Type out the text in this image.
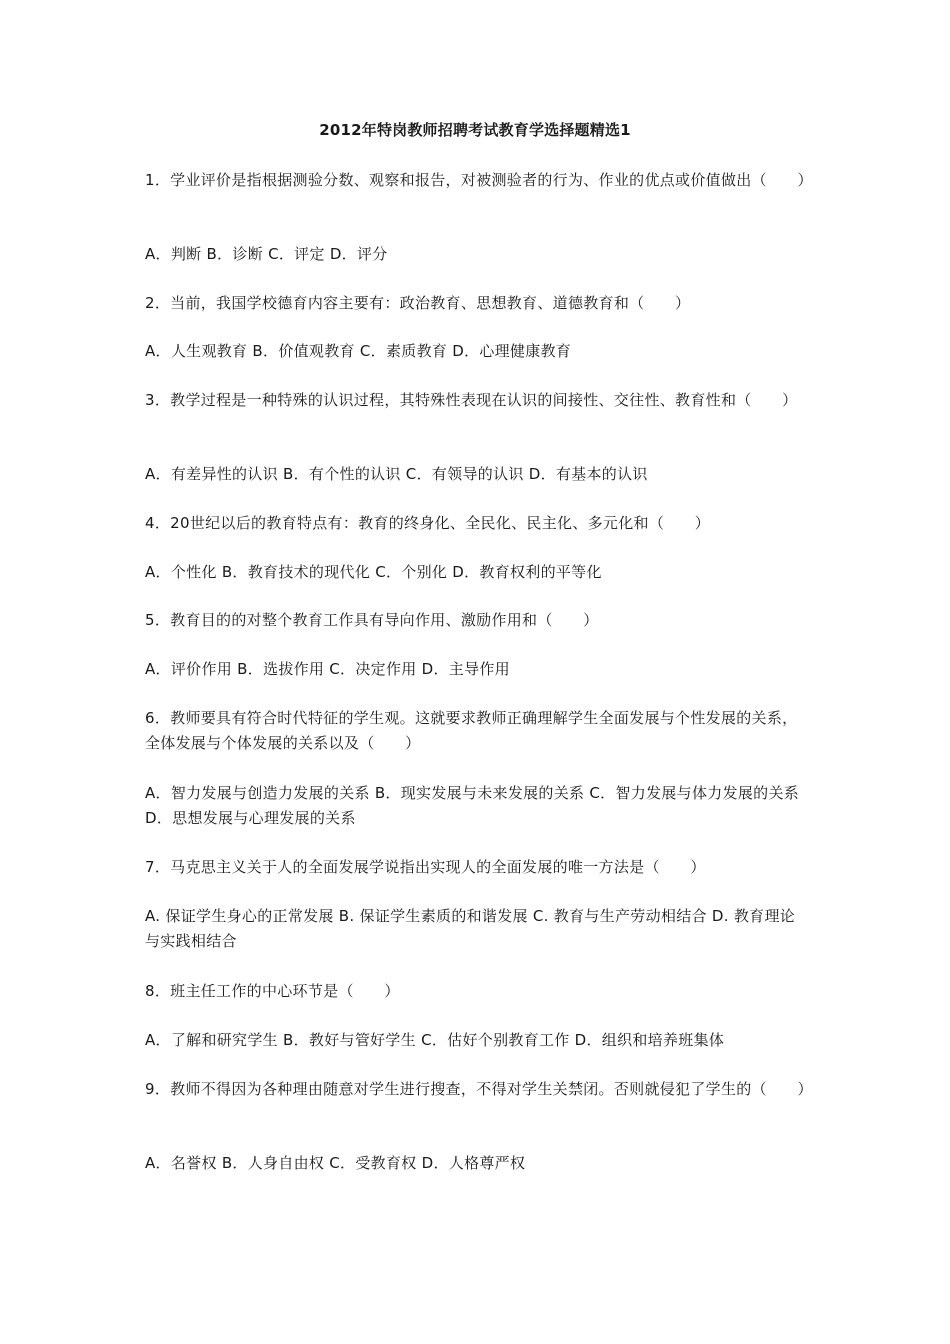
2012年特岗教师招聘考试教育学选择题精选1
1．学业评价是指根据测验分数、观察和报告，对被测验者的行为、作业的优点或价值做出（　　）
A．判断 B．诊断 C．评定 D．评分
2．当前，我国学校德育内容主要有：政治教育、思想教育、道德教育和（　　）
A．人生观教育 B．价值观教育 C．素质教育 D．心理健康教育
3．教学过程是一种特殊的认识过程，其特殊性表现在认识的间接性、交往性、教育性和（　　）
A．有差异性的认识 B．有个性的认识 C．有领导的认识 D．有基本的认识
4．20世纪以后的教育特点有：教育的终身化、全民化、民主化、多元化和（　　）
A．个性化 B．教育技术的现代化 C．个别化 D．教育权利的平等化
5．教育目的的对整个教育工作具有导向作用、激励作用和（　　）
A．评价作用 B．选拔作用 C．决定作用 D．主导作用
6．教师要具有符合时代特征的学生观。这就要求教师正确理解学生全面发展与个性发展的关系，全体发展与个体发展的关系以及（　　）
A．智力发展与创造力发展的关系 B．现实发展与未来发展的关系 C．智力发展与体力发展的关系 D．思想发展与心理发展的关系
7．马克思主义关于人的全面发展学说指出实现人的全面发展的唯一方法是（　　）
A. 保证学生身心的正常发展 B. 保证学生素质的和谐发展 C. 教育与生产劳动相结合 D. 教育理论与实践相结合
8．班主任工作的中心环节是（　　）
A．了解和研究学生 B．教好与管好学生 C．估好个别教育工作 D．组织和培养班集体
9．教师不得因为各种理由随意对学生进行搜查，不得对学生关禁闭。否则就侵犯了学生的（　　）
A．名誉权 B．人身自由权 C．受教育权 D．人格尊严权
